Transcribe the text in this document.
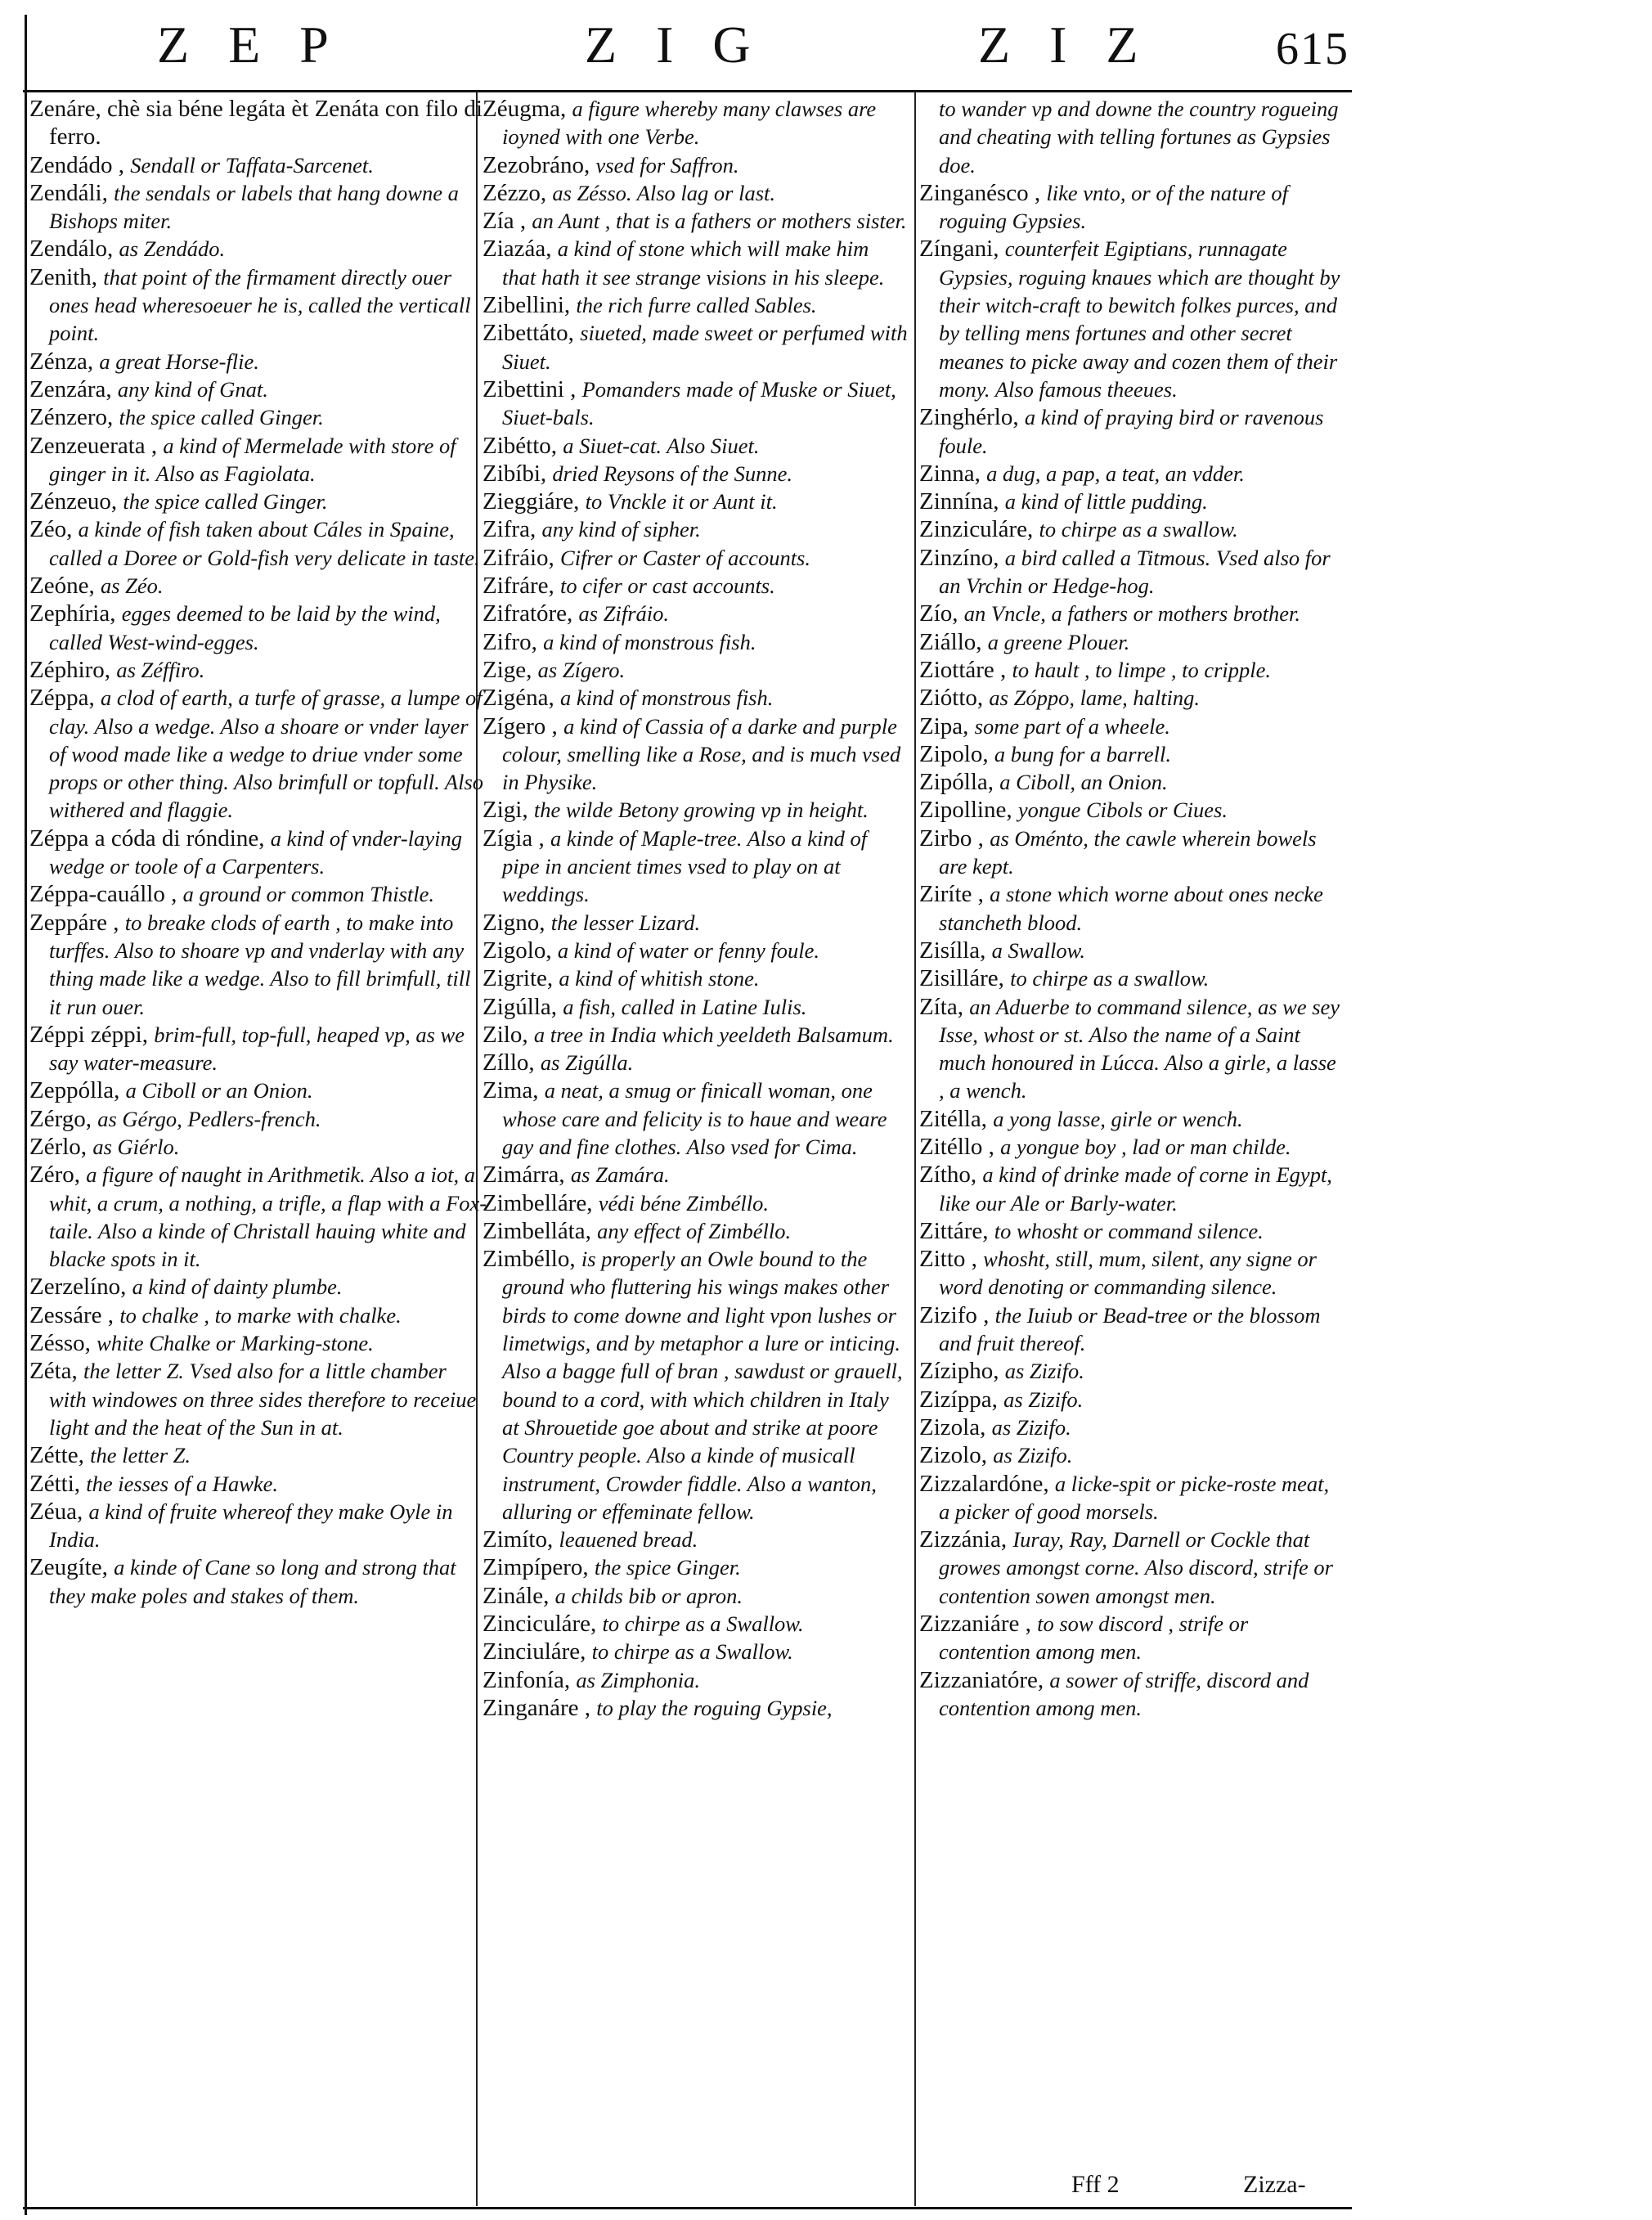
ZEP	ZIG	ZIZ 615

Zenáre, chè sia béne legáta èt Zenáta con filo di ferro.

Zendádo , Sendall or Taffata-Sarcenet.

Zendáli, the sendals or labels that hang downe a Bishops miter.

Zendálo, as Zendádo.

Zenith, that point of the firmament directly ouer ones head wheresoeuer he is, called the verticall point.

Zénza, a great Horse-flie.

Zenzára, any kind of Gnat.

Zénzero, the spice called Ginger.

Zenzeuerata , a kind of Mermelade with store of ginger in it. Also as Fagiolata.

Zénzeuo, the spice called Ginger.

Zéo, a kinde of fish taken about Cáles in Spaine, called a Doree or Gold-fish very delicate in taste.

Zeóne, as Zéo.

Zephíria, egges deemed to be laid by the wind, called West-wind-egges.

Zéphiro, as Zéffiro.

Zéppa, a clod of earth, a turfe of grasse, a lumpe of clay. Also a wedge. Also a shoare or vnder layer of wood made like a wedge to driue vnder some props or other thing. Also brimfull or topfull. Also withered and flaggie.

Zéppa a códa di róndine, a kind of vnder-laying wedge or toole of a Carpenters.

Zéppa-cauállo , a ground or common Thistle.

Zeppáre , to breake clods of earth , to make into turffes. Also to shoare vp and vnderlay with any thing made like a wedge. Also to fill brimfull, till it run ouer.

Zéppi zéppi, brim-full, top-full, heaped vp, as we say water-measure.

Zeppólla, a Ciboll or an Onion.

Zérgo, as Gérgo, Pedlers-french.

Zérlo, as Giérlo.

Zéro, a figure of naught in Arithmetik. Also a iot, a whit, a crum, a nothing, a trifle, a flap with a Fox-taile. Also a kinde of Christall hauing white and blacke spots in it.

Zerzelíno, a kind of dainty plumbe.

Zessáre , to chalke , to marke with chalke.

Zésso, white Chalke or Marking-stone.

Zéta, the letter Z. Vsed also for a little chamber with windowes on three sides therefore to receiue light and the heat of the Sun in at.

Zétte, the letter Z.

Zétti, the iesses of a Hawke.

Zéua, a kind of fruite whereof they make Oyle in India.

Zeugíte, a kinde of Cane so long and strong that they make poles and stakes of them.

Zéugma, a figure whereby many clawses are ioyned with one Verbe.

Zezobráno, vsed for Saffron.

Zézzo, as Zésso. Also lag or last.

Zía , an Aunt , that is a fathers or mothers sister.

Ziazáa, a kind of stone which will make him that hath it see strange visions in his sleepe.

Zibellini, the rich furre called Sables.

Zibettáto, siueted, made sweet or perfumed with Siuet.

Zibettini , Pomanders made of Muske or Siuet, Siuet-bals.

Zibétto, a Siuet-cat. Also Siuet.

Zibíbi, dried Reysons of the Sunne.

Zieggiáre, to Vnckle it or Aunt it.

Zifra, any kind of sipher.

Zifráio, Cifrer or Caster of accounts.

Zifráre, to cifer or cast accounts.

Zifratóre, as Zifráio.

Zifro, a kind of monstrous fish.

Zige, as Zígero.

Zigéna, a kind of monstrous fish.

Zígero , a kind of Cassia of a darke and purple colour, smelling like a Rose, and is much vsed in Physike.

Zigi, the wilde Betony growing vp in height.

Zígia , a kinde of Maple-tree. Also a kind of pipe in ancient times vsed to play on at weddings.

Zigno, the lesser Lizard.

Zigolo, a kind of water or fenny foule.

Zigrite, a kind of whitish stone.

Zigúlla, a fish, called in Latine Iulis.

Zilo, a tree in India which yeeldeth Balsamum.

Zíllo, as Zigúlla.

Zima, a neat, a smug or finicall woman, one whose care and felicity is to haue and weare gay and fine clothes. Also vsed for Cima.

Zimárra, as Zamára.

Zimbelláre, védi béne Zimbéllo.

Zimbelláta, any effect of Zimbéllo.

Zimbéllo, is properly an Owle bound to the ground who fluttering his wings makes other birds to come downe and light vpon lushes or limetwigs, and by metaphor a lure or inticing. Also a bagge full of bran , sawdust or grauell, bound to a cord, with which children in Italy at Shrouetide goe about and strike at poore Country people. Also a kinde of musicall instrument, Crowder fiddle. Also a wanton, alluring or effeminate fellow.

Zimíto, leauened bread.

Zimpípero, the spice Ginger.

Zinále, a childs bib or apron.

Zinciculáre, to chirpe as a Swallow.

Zinciuláre, to chirpe as a Swallow.

Zinfonía, as Zimphonia.

Zinganáre , to play the roguing Gypsie,

to wander vp and downe the country rogueing and cheating with telling fortunes as Gypsies doe.

Zinganésco , like vnto, or of the nature of roguing Gypsies.

Zíngani, counterfeit Egiptians, runnagate Gypsies, roguing knaues which are thought by their witch-craft to bewitch folkes purces, and by telling mens fortunes and other secret meanes to picke away and cozen them of their mony. Also famous theeues.

Zinghérlo, a kind of praying bird or ravenous foule.

Zinna, a dug, a pap, a teat, an vdder.

Zinnína, a kind of little pudding.

Zinziculáre, to chirpe as a swallow.

Zinzíno, a bird called a Titmous. Vsed also for an Vrchin or Hedge-hog.

Zío, an Vncle, a fathers or mothers brother.

Ziállo, a greene Plouer.

Ziottáre , to hault , to limpe , to cripple.

Ziótto, as Zóppo, lame, halting.

Zipa, some part of a wheele.

Zipolo, a bung for a barrell.

Zipólla, a Ciboll, an Onion.

Zipolline, yongue Cibols or Ciues.

Zirbo , as Oménto, the cawle wherein bowels are kept.

Ziríte , a stone which worne about ones necke stancheth blood.

Zisílla, a Swallow.

Zisilláre, to chirpe as a swallow.

Zíta, an Aduerbe to command silence, as we sey Isse, whost or st. Also the name of a Saint much honoured in Lúcca. Also a girle, a lasse , a wench.

Zitélla, a yong lasse, girle or wench.

Zitéllo , a yongue boy , lad or man childe.

Zítho, a kind of drinke made of corne in Egypt, like our Ale or Barly-water.

Zittáre, to whosht or command silence.

Zitto , whosht, still, mum, silent, any signe or word denoting or commanding silence.

Zizifo , the Iuiub or Bead-tree or the blossom and fruit thereof.

Zízipho, as Zizifo.

Zizíppa, as Zizifo.

Zizola, as Zizifo.

Zizolo, as Zizifo.

Zizzalardóne, a licke-spit or picke-roste meat, a picker of good morsels.

Zizzánia, Iuray, Ray, Darnell or Cockle that growes amongst corne. Also discord, strife or contention sowen amongst men.

Zizzaniáre , to sow discord , strife or contention among men.

Zizzaniatóre, a sower of striffe, discord and contention among men.

Fff 2	Zizza-
